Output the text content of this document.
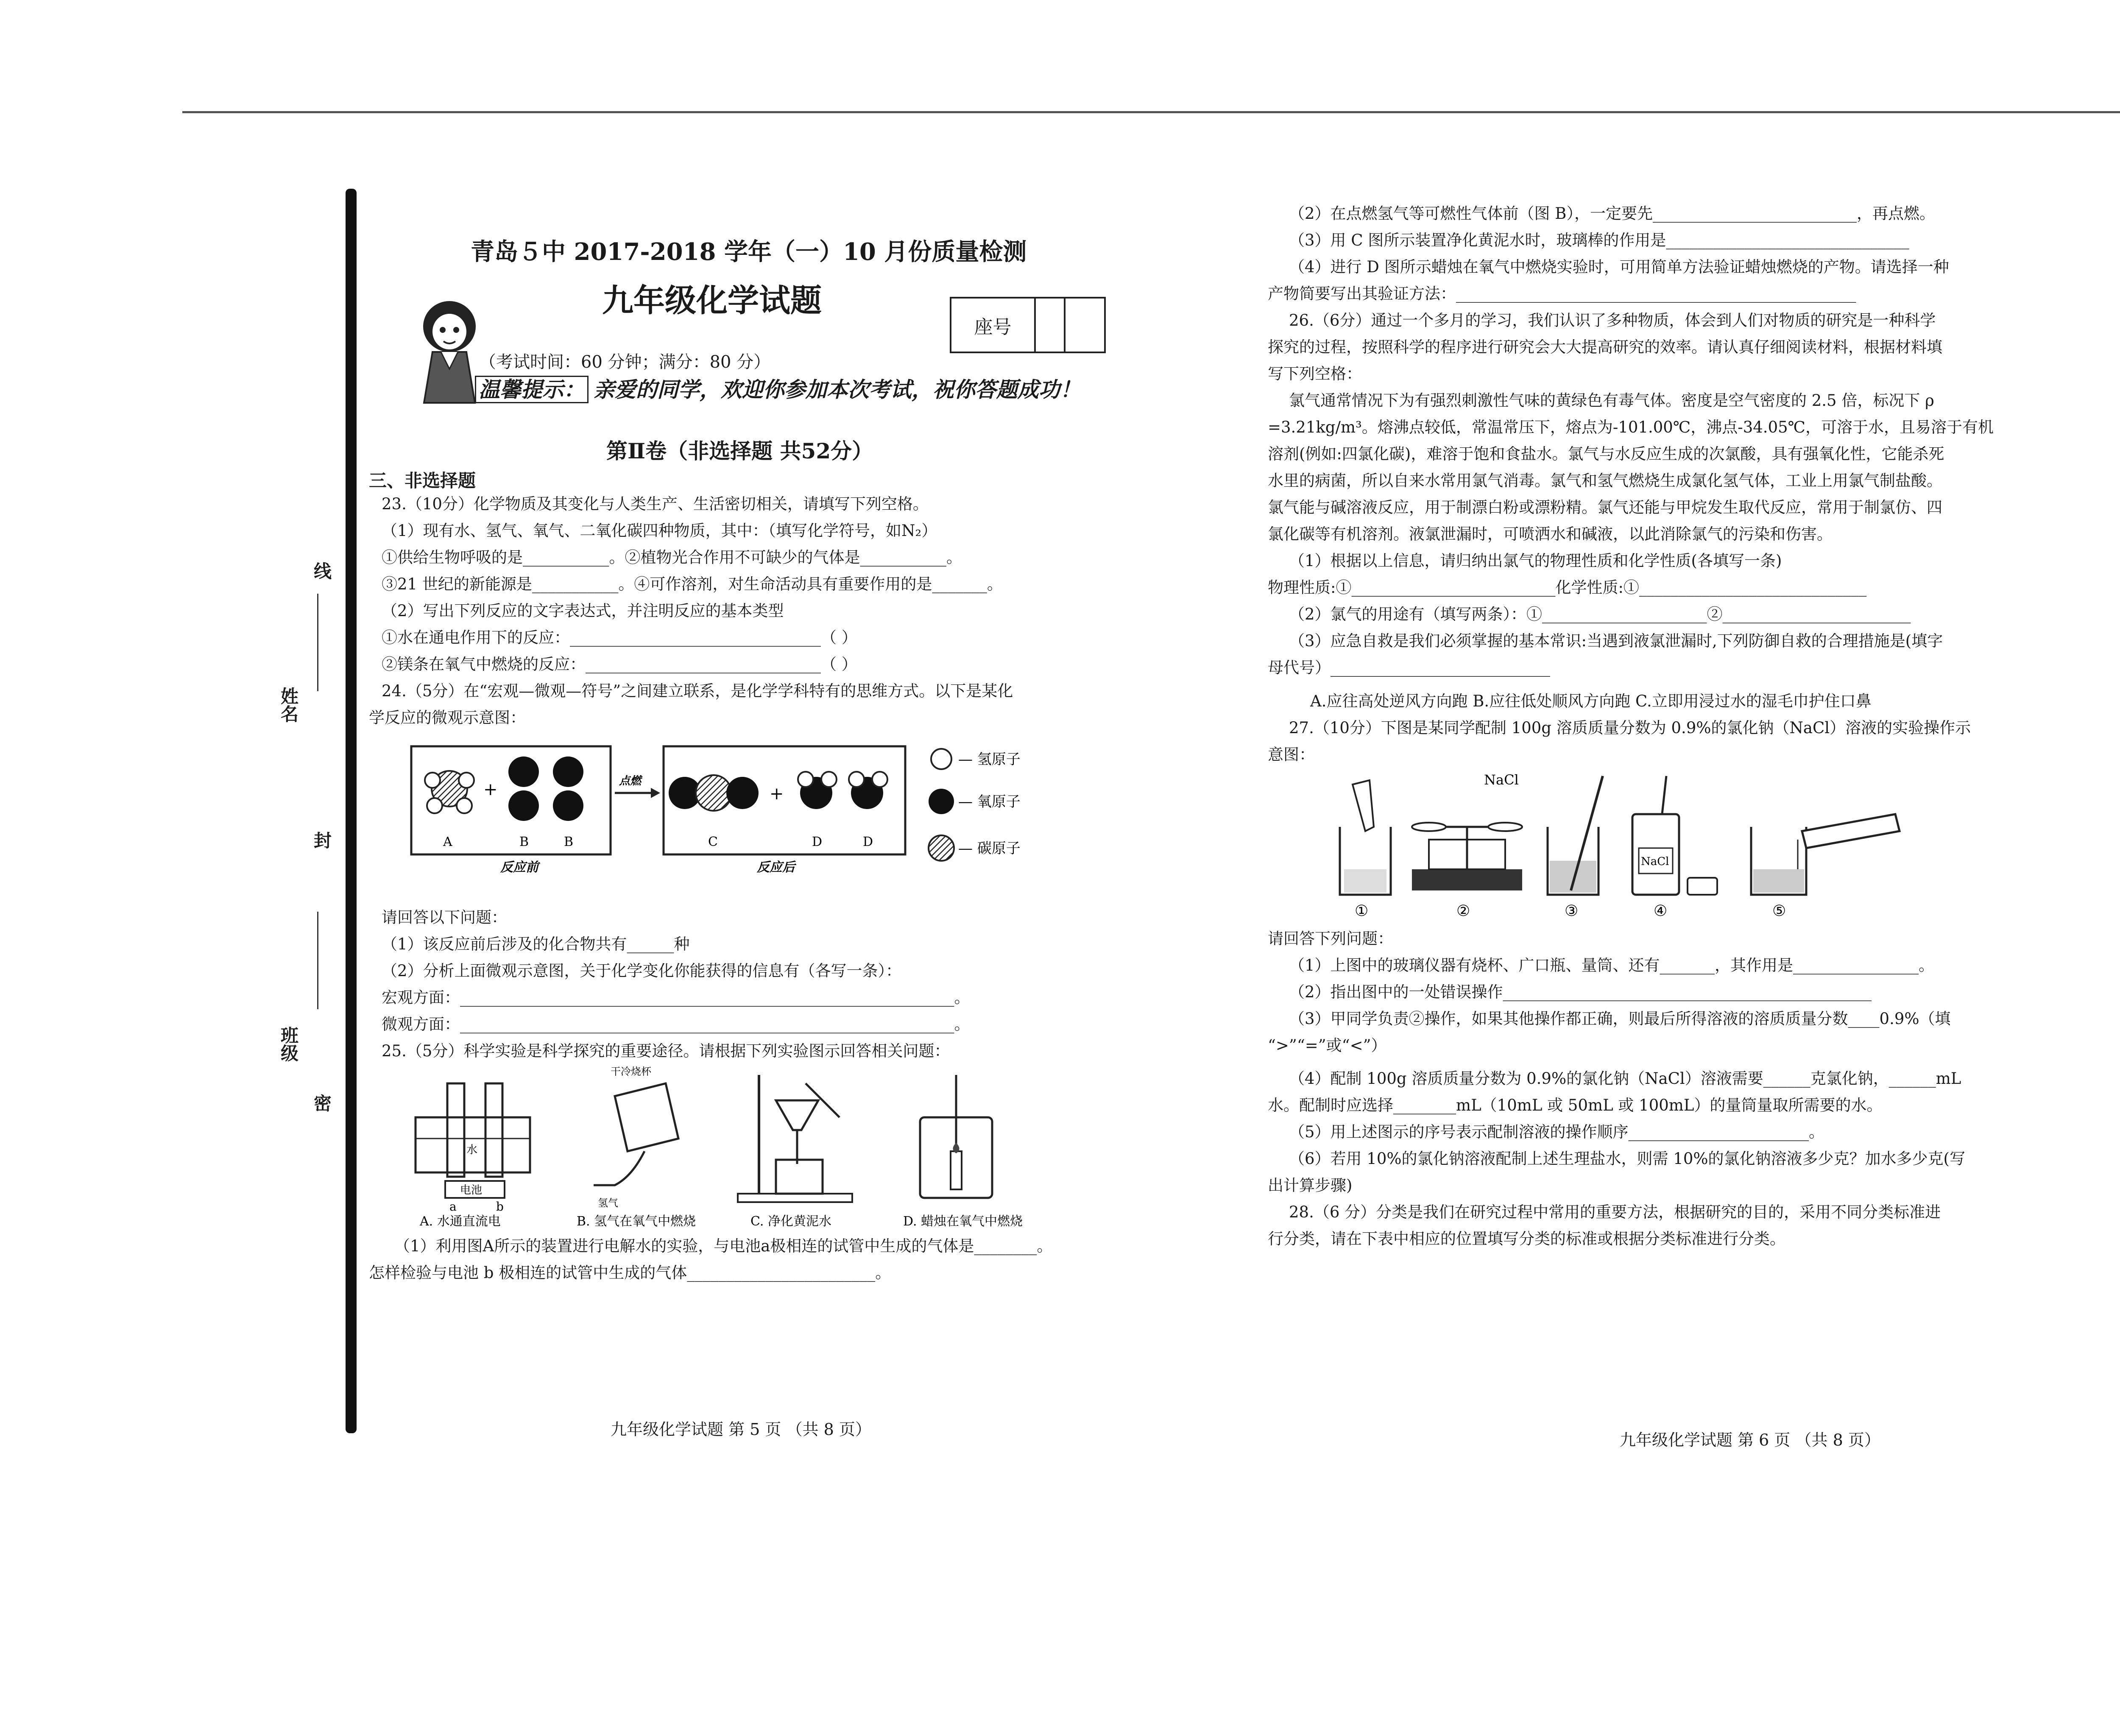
线
姓名
封
班级
密
青岛５中 2017-2018 学年（一）10 月份质量检测
九年级化学试题
座号
（考试时间：60 分钟；满分：80 分）
温馨提示： 亲爱的同学，欢迎你参加本次考试，祝你答题成功！
第Ⅱ卷（非选择题 共52分）
三、非选择题
23.（10分）化学物质及其变化与人类生产、生活密切相关，请填写下列空格。
（1）现有水、氢气、氧气、二氧化碳四种物质，其中：（填写化学符号，如N₂）
①供给生物呼吸的是___________。②植物光合作用不可缺少的气体是___________。
③21 世纪的新能源是___________。④可作溶剂，对生命活动具有重要作用的是_______。
（2）写出下列反应的文字表达式，并注明反应的基本类型
①水在通电作用下的反应：________________________________（ ）
②镁条在氧气中燃烧的反应：______________________________（ ）
24.（5分）在“宏观—微观—符号”之间建立联系，是化学学科特有的思维方式。以下是某化
学反应的微观示意图：
+
A	B	B
反应前
点燃
+
C	D	D
反应后
— 氢原子
— 氧原子
— 碳原子
请回答以下问题：
（1）该反应前后涉及的化合物共有______种
（2）分析上面微观示意图，关于化学变化你能获得的信息有（各写一条）：
宏观方面：_______________________________________________________________。
微观方面：_______________________________________________________________。
25.（5分）科学实验是科学探究的重要途径。请根据下列实验图示回答相关问题：
水
电池
a	b
A. 水通直流电
干冷烧杯
氢气
B. 氢气在氧气中燃烧	C. 净化黄泥水	D. 蜡烛在氧气中燃烧
（1）利用图A所示的装置进行电解水的实验，与电池a极相连的试管中生成的气体是________。
怎样检验与电池 b 极相连的试管中生成的气体________________________。
九年级化学试题 第 5 页 （共 8 页）
（2）在点燃氢气等可燃性气体前（图 B），一定要先__________________________，再点燃。
（3）用 C 图所示装置净化黄泥水时，玻璃棒的作用是_______________________________
（4）进行 D 图所示蜡烛在氧气中燃烧实验时，可用简单方法验证蜡烛燃烧的产物。请选择一种
产物简要写出其验证方法：___________________________________________________
26.（6分）通过一个多月的学习，我们认识了多种物质，体会到人们对物质的研究是一种科学
探究的过程，按照科学的程序进行研究会大大提高研究的效率。请认真仔细阅读材料，根据材料填
写下列空格：
氯气通常情况下为有强烈刺激性气味的黄绿色有毒气体。密度是空气密度的 2.5 倍，标况下 ρ
=3.21kg/m³。熔沸点较低，常温常压下，熔点为-101.00℃，沸点-34.05℃，可溶于水，且易溶于有机
溶剂(例如:四氯化碳)，难溶于饱和食盐水。氯气与水反应生成的次氯酸，具有强氧化性，它能杀死
水里的病菌，所以自来水常用氯气消毒。氯气和氢气燃烧生成氯化氢气体，工业上用氯气制盐酸。
氯气能与碱溶液反应，用于制漂白粉或漂粉精。氯气还能与甲烷发生取代反应，常用于制氯仿、四
氯化碳等有机溶剂。液氯泄漏时，可喷洒水和碱液，以此消除氯气的污染和伤害。
（1）根据以上信息，请归纳出氯气的物理性质和化学性质(各填写一条)
物理性质:①__________________________化学性质:①_____________________________
（2）氯气的用途有（填写两条）：①_____________________②________________________
（3）应急自救是我们必须掌握的基本常识:当遇到液氯泄漏时,下列防御自救的合理措施是(填字
母代号）____________________________
A.应往高处逆风方向跑 B.应往低处顺风方向跑 C.立即用浸过水的湿毛巾护住口鼻
27.（10分）下图是某同学配制 100g 溶质质量分数为 0.9%的氯化钠（NaCl）溶液的实验操作示
意图：
①
NaCl
②	③
NaCl
④	⑤
请回答下列问题：
（1）上图中的玻璃仪器有烧杯、广口瓶、量筒、还有_______，其作用是________________。
（2）指出图中的一处错误操作_______________________________________________
（3）甲同学负责②操作，如果其他操作都正确，则最后所得溶液的溶质质量分数____0.9%（填
“>”“=”或“<”）
（4）配制 100g 溶质质量分数为 0.9%的氯化钠（NaCl）溶液需要______克氯化钠，______mL
水。配制时应选择________mL（10mL 或 50mL 或 100mL）的量筒量取所需要的水。
（5）用上述图示的序号表示配制溶液的操作顺序_______________________。
（6）若用 10%的氯化钠溶液配制上述生理盐水，则需 10%的氯化钠溶液多少克？加水多少克(写
出计算步骤)
28.（6 分）分类是我们在研究过程中常用的重要方法，根据研究的目的，采用不同分类标准进
行分类，请在下表中相应的位置填写分类的标准或根据分类标准进行分类。
九年级化学试题 第 6 页 （共 8 页）
